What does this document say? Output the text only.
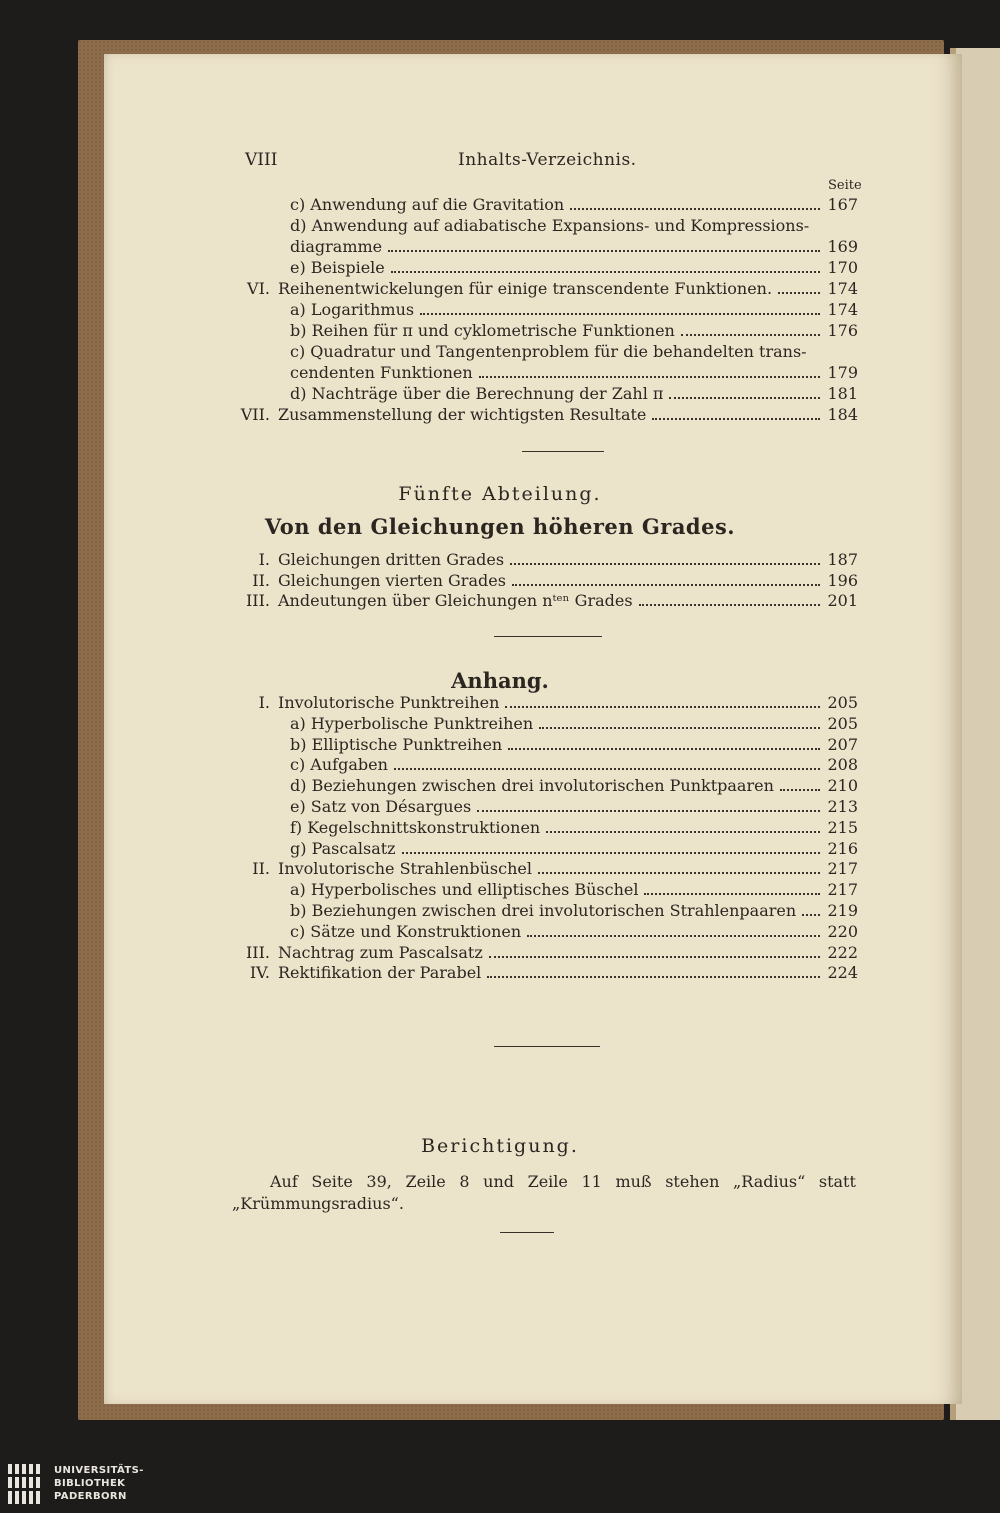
VIII	Inhalts-Verzeichnis.
Seite
c) Anwendung auf die Gravitation	167
d) Anwendung auf adiabatische Expansions- und Kompressions-
diagramme	169
e) Beispiele	170
VI. Reihenentwickelungen für einige transcendente Funktionen.	174
a) Logarithmus	174
b) Reihen für π und cyklometrische Funktionen	176
c) Quadratur und Tangentenproblem für die behandelten trans-
cendenten Funktionen	179
d) Nachträge über die Berechnung der Zahl π	181
VII. Zusammenstellung der wichtigsten Resultate	184
Fünfte Abteilung.
Von den Gleichungen höheren Grades.
I. Gleichungen dritten Grades	187
II. Gleichungen vierten Grades	196
III. Andeutungen über Gleichungen nᵗᵉⁿ Grades	201
Anhang.
I. Involutorische Punktreihen	205
a) Hyperbolische Punktreihen	205
b) Elliptische Punktreihen	207
c) Aufgaben	208
d) Beziehungen zwischen drei involutorischen Punktpaaren	210
e) Satz von Désargues	213
f) Kegelschnittskonstruktionen	215
g) Pascalsatz	216
II. Involutorische Strahlenbüschel	217
a) Hyperbolisches und elliptisches Büschel	217
b) Beziehungen zwischen drei involutorischen Strahlenpaaren 219
c) Sätze und Konstruktionen	220
III. Nachtrag zum Pascalsatz	222
IV. Rektifikation der Parabel	224
Berichtigung.
Auf Seite 39, Zeile 8 und Zeile 11 muß stehen „Radius“ statt
„Krümmungsradius“.
UNIVERSITÄTS-
BIBLIOTHEK
PADERBORN
